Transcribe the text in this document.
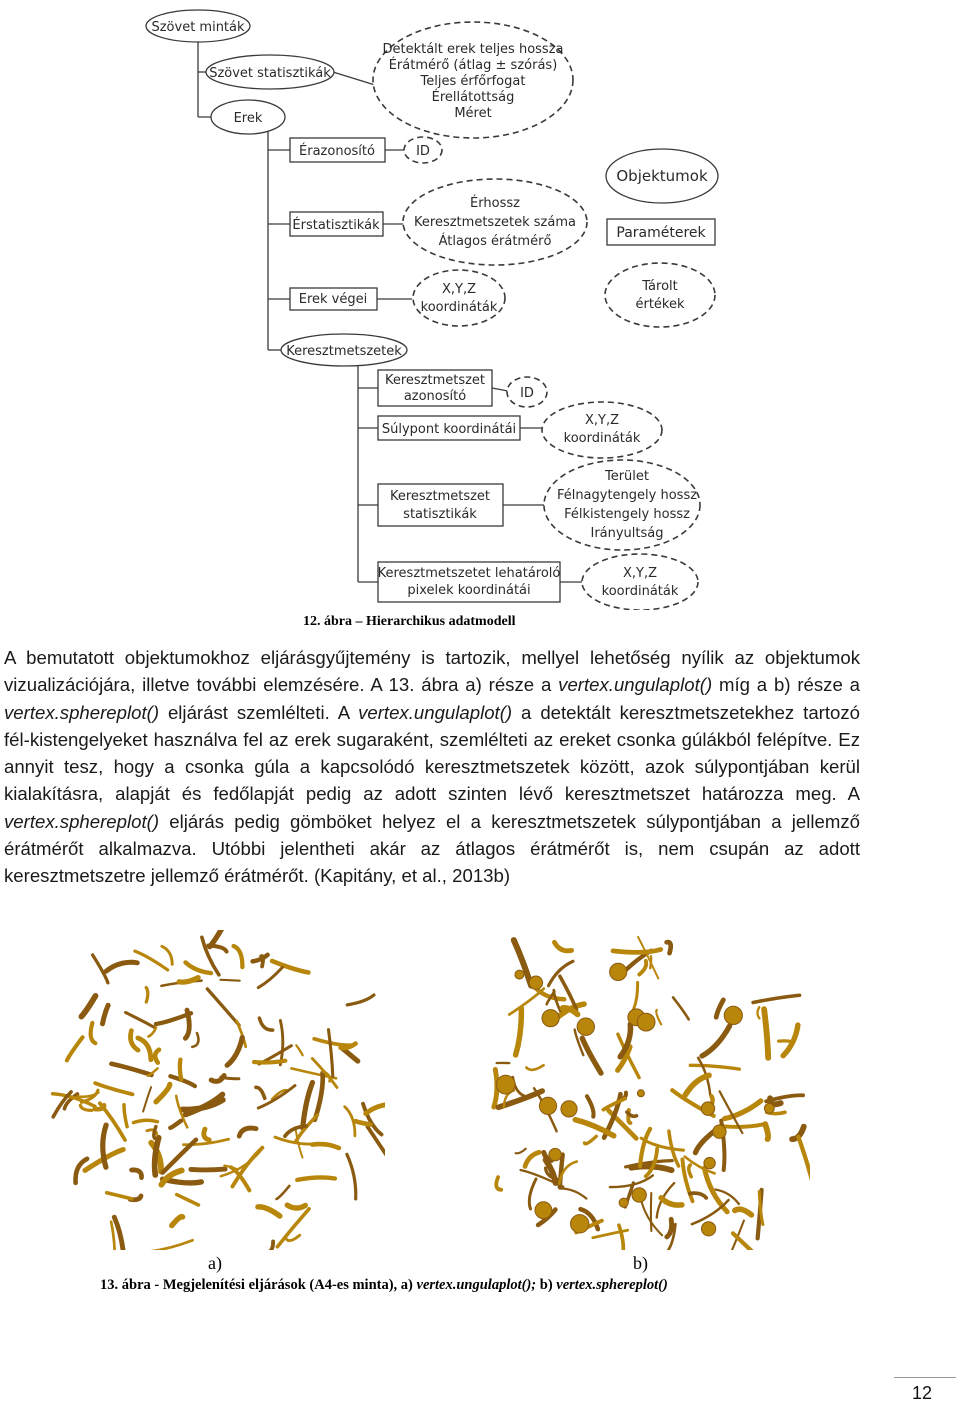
Szövet minták
Szövet statisztikák
Detektált erek teljes hossza
Érátmérő (átlag ± szórás)
Teljes érfőrfogat
Érellátottság
Méret
Erek
Érazonosító	ID
Érstatisztikák
Érhossz
Keresztmetszetek száma
Átlagos érátmérő
Erek végei
X,Y,Z
koordináták
Keresztmetszetek
Keresztmetszet
azonosító	ID
Súlypont koordinátái
X,Y,Z
koordináták
Keresztmetszet
statisztikák
Terület
Félnagytengely hossz
Félkistengely hossz
Irányultság
Keresztmetszetet lehatároló
pixelek koordinátái
X,Y,Z
koordináták
Objektumok
Paraméterek
Tárolt
értékek
12. ábra – Hierarchikus adatmodell
A bemutatott objektumokhoz eljárásgyűjtemény is tartozik, mellyel lehetőség nyílik az objektumok vizualizációjára, illetve további elemzésére. A 13. ábra a) része a vertex.ungulaplot() míg a b) része a vertex.sphereplot() eljárást szemlélteti. A vertex.ungulaplot() a detektált keresztmetszetekhez tartozó fél-kistengelyeket használva fel az erek sugaraként, szemlélteti az ereket csonka gúlákból felépítve. Ez annyit tesz, hogy a csonka gúla a kapcsolódó keresztmetszetek között, azok súlypontjában kerül kialakításra, alapját és fedőlapját pedig az adott szinten lévő keresztmetszet határozza meg. A vertex.sphereplot() eljárás pedig gömböket helyez el a keresztmetszetek súlypontjában a jellemző érátmérőt alkalmazva. Utóbbi jelentheti akár az átlagos érátmérőt is, nem csupán az adott keresztmetszetre jellemző érátmérőt. (Kapitány, et al., 2013b)
a)	b)
13. ábra - Megjelenítési eljárások (A4-es minta), a) vertex.ungulaplot(); b) vertex.sphereplot()
12
